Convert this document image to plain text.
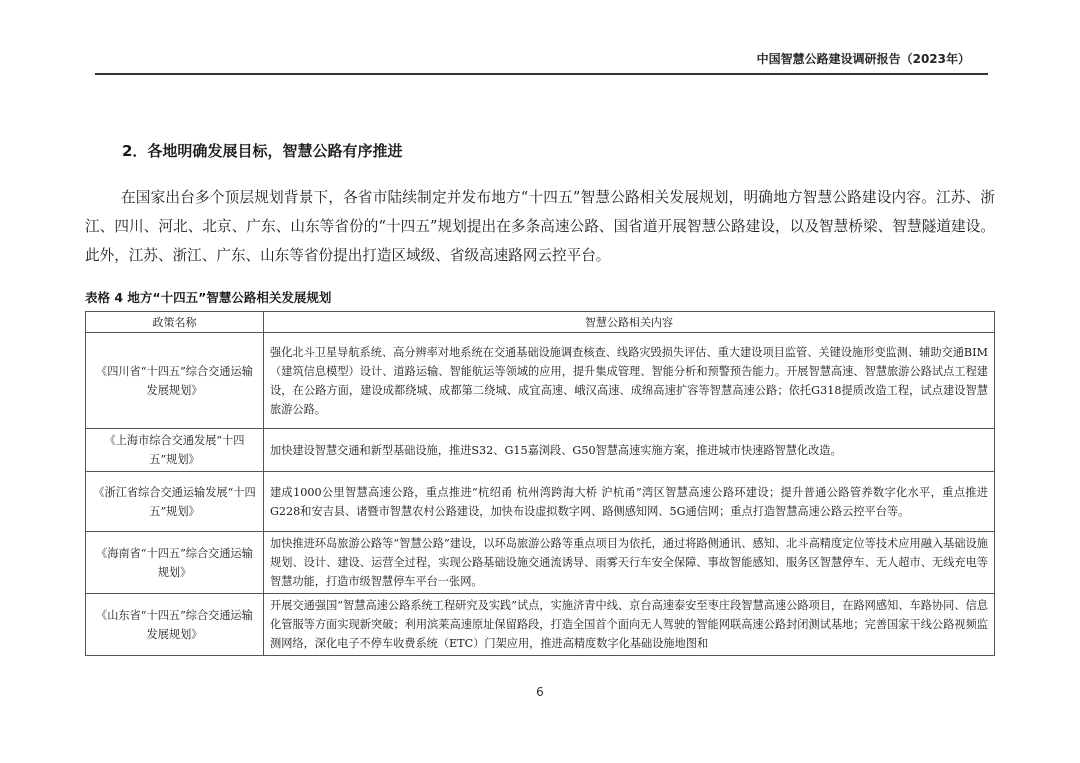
中国智慧公路建设调研报告（2023年）
2．各地明确发展目标，智慧公路有序推进
在国家出台多个顶层规划背景下，各省市陆续制定并发布地方“十四五”智慧公路相关发展规划，明确地方智慧公路建设内容。江苏、浙江、四川、河北、北京、广东、山东等省份的“十四五”规划提出在多条高速公路、国省道开展智慧公路建设，以及智慧桥梁、智慧隧道建设。此外，江苏、浙江、广东、山东等省份提出打造区域级、省级高速路网云控平台。
表格 4 地方“十四五”智慧公路相关发展规划
政策名称	智慧公路相关内容
《四川省“十四五”综合交通运输发展规划》	强化北斗卫星导航系统、高分辨率对地系统在交通基础设施调查核查、线路灾毁损失评估、重大建设项目监管、关键设施形变监测、辅助交通BIM（建筑信息模型）设计、道路运输、智能航运等领域的应用，提升集成管理、智能分析和预警预告能力。开展智慧高速、智慧旅游公路试点工程建设，在公路方面，建设成都绕城、成都第二绕城、成宜高速、峨汉高速、成绵高速扩容等智慧高速公路；依托G318提质改造工程，试点建设智慧旅游公路。
《上海市综合交通发展“十四五”规划》	加快建设智慧交通和新型基础设施，推进S32、G15嘉浏段、G50智慧高速实施方案，推进城市快速路智慧化改造。
《浙江省综合交通运输发展“十四五”规划》	建成1000公里智慧高速公路，重点推进“杭绍甬 杭州湾跨海大桥 沪杭甬”湾区智慧高速公路环建设；提升普通公路管养数字化水平，重点推进G228和安吉县、诸暨市智慧农村公路建设，加快布设虚拟数字网、路侧感知网、5G通信网；重点打造智慧高速公路云控平台等。
《海南省“十四五”综合交通运输规划》	加快推进环岛旅游公路等“智慧公路”建设，以环岛旅游公路等重点项目为依托，通过将路侧通讯、感知、北斗高精度定位等技术应用融入基础设施规划、设计、建设、运营全过程，实现公路基础设施交通流诱导、雨雾天行车安全保障、事故智能感知、服务区智慧停车、无人超市、无线充电等智慧功能，打造市级智慧停车平台一张网。
《山东省“十四五”综合交通运输发展规划》	开展交通强国“智慧高速公路系统工程研究及实践”试点，实施济青中线、京台高速泰安至枣庄段智慧高速公路项目，在路网感知、车路协同、信息化管服等方面实现新突破；利用滨莱高速原址保留路段，打造全国首个面向无人驾驶的智能网联高速公路封闭测试基地；完善国家干线公路视频监测网络，深化电子不停车收费系统（ETC）门架应用，推进高精度数字化基础设施地图和
6
